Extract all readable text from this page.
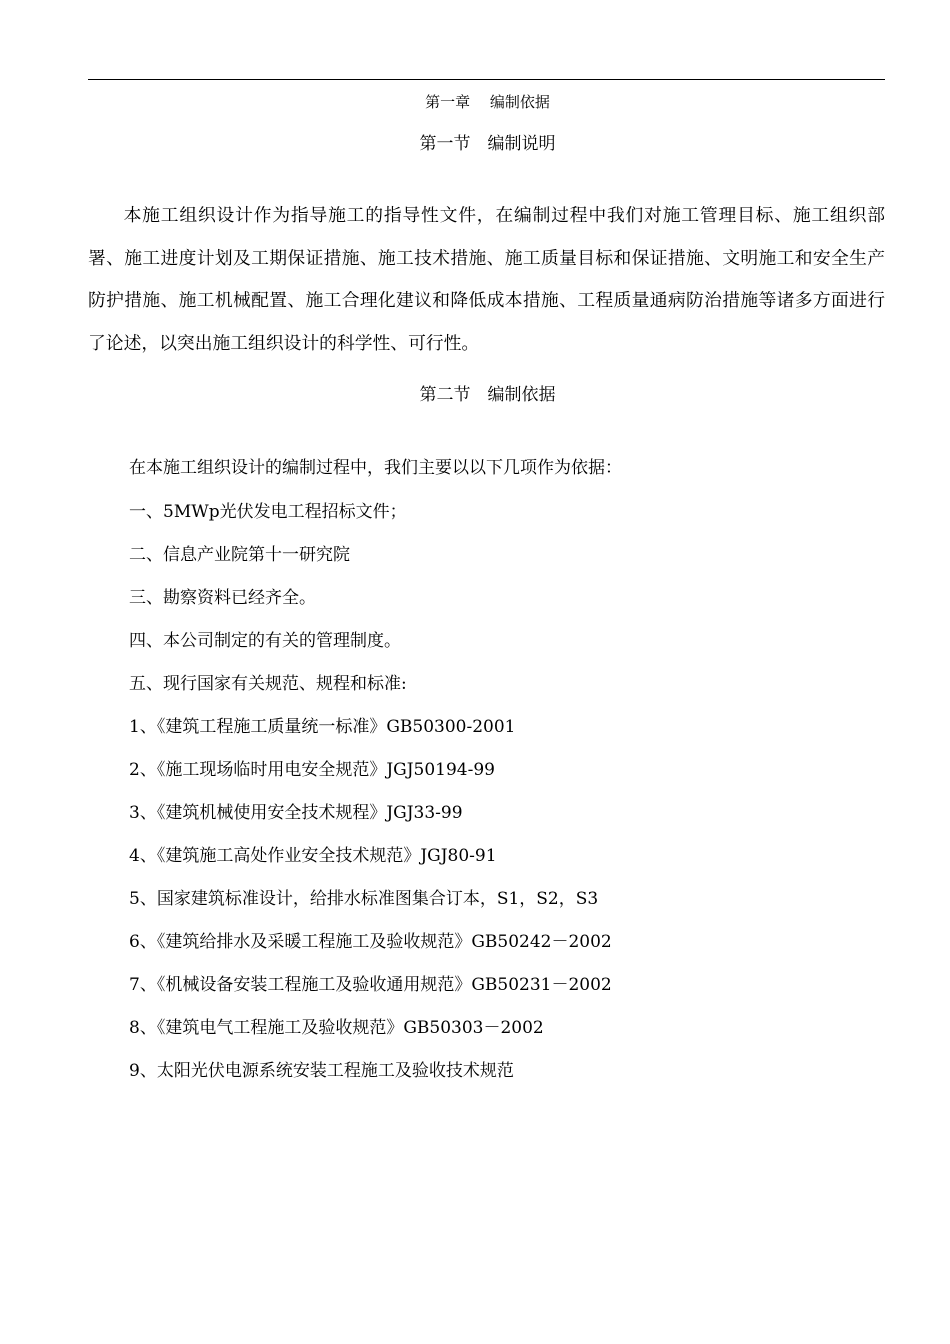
第一章　 编制依据
第一节　编制说明

本施工组织设计作为指导施工的指导性文件，在编制过程中我们对施工管理目标、施工组织部署、施工进度计划及工期保证措施、施工技术措施、施工质量目标和保证措施、文明施工和安全生产防护措施、施工机械配置、施工合理化建议和降低成本措施、工程质量通病防治措施等诸多方面进行了论述，以突出施工组织设计的科学性、可行性。

第二节　编制依据
在本施工组织设计的编制过程中，我们主要以以下几项作为依据：
一、5MWp光伏发电工程招标文件；
二、信息产业院第十一研究院
三、勘察资料已经齐全。
四、本公司制定的有关的管理制度。
五、现行国家有关规范、规程和标准:
1、《建筑工程施工质量统一标准》GB50300-2001
2、《施工现场临时用电安全规范》JGJ50194-99
3、《建筑机械使用安全技术规程》JGJ33-99
4、《建筑施工高处作业安全技术规范》JGJ80-91
5、国家建筑标准设计，给排水标准图集合订本，S1，S2，S3
6、《建筑给排水及采暖工程施工及验收规范》GB50242－2002
7、《机械设备安装工程施工及验收通用规范》GB50231－2002
8、《建筑电气工程施工及验收规范》GB50303－2002
9、太阳光伏电源系统安装工程施工及验收技术规范
